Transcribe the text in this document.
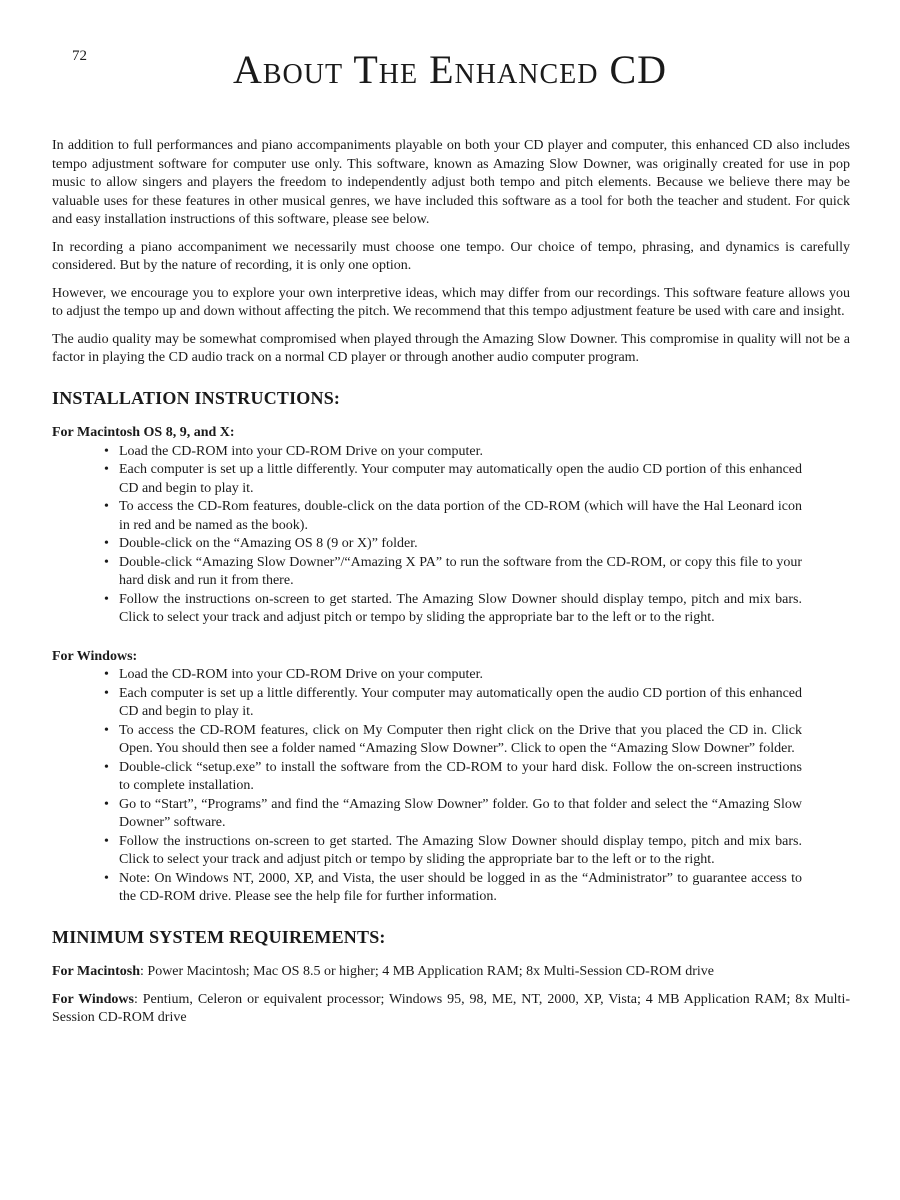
72	About The Enhanced CD

In addition to full performances and piano accompaniments playable on both your CD player and computer, this enhanced CD also includes tempo adjustment software for computer use only. This software, known as Amazing Slow Downer, was originally created for use in pop music to allow singers and players the freedom to independently adjust both tempo and pitch elements. Because we believe there may be valuable uses for these features in other musical genres, we have included this software as a tool for both the teacher and student. For quick and easy installation instructions of this software, please see below.

In recording a piano accompaniment we necessarily must choose one tempo. Our choice of tempo, phrasing, and dynamics is carefully considered. But by the nature of recording, it is only one option.

However, we encourage you to explore your own interpretive ideas, which may differ from our recordings. This software feature allows you to adjust the tempo up and down without affecting the pitch. We recommend that this tempo adjustment feature be used with care and insight.

The audio quality may be somewhat compromised when played through the Amazing Slow Downer. This compromise in quality will not be a factor in playing the CD audio track on a normal CD player or through another audio computer program.

INSTALLATION INSTRUCTIONS:
For Macintosh OS 8, 9, and X:
• Load the CD-ROM into your CD-ROM Drive on your computer.
• Each computer is set up a little differently. Your computer may automatically open the audio CD portion of this enhanced CD and begin to play it.
• To access the CD-Rom features, double-click on the data portion of the CD-ROM (which will have the Hal Leonard icon in red and be named as the book).
• Double-click on the “Amazing OS 8 (9 or X)” folder.
• Double-click “Amazing Slow Downer”/“Amazing X PA” to run the software from the CD-ROM, or copy this file to your hard disk and run it from there.
• Follow the instructions on-screen to get started. The Amazing Slow Downer should display tempo, pitch and mix bars. Click to select your track and adjust pitch or tempo by sliding the appropriate bar to the left or to the right.
For Windows:
• Load the CD-ROM into your CD-ROM Drive on your computer.
• Each computer is set up a little differently. Your computer may automatically open the audio CD portion of this enhanced CD and begin to play it.
• To access the CD-ROM features, click on My Computer then right click on the Drive that you placed the CD in. Click Open. You should then see a folder named “Amazing Slow Downer”. Click to open the “Amazing Slow Downer” folder.
• Double-click “setup.exe” to install the software from the CD-ROM to your hard disk. Follow the on-screen instructions to complete installation.
• Go to “Start”, “Programs” and find the “Amazing Slow Downer” folder. Go to that folder and select the “Amazing Slow Downer” software.
• Follow the instructions on-screen to get started. The Amazing Slow Downer should display tempo, pitch and mix bars. Click to select your track and adjust pitch or tempo by sliding the appropriate bar to the left or to the right.
• Note: On Windows NT, 2000, XP, and Vista, the user should be logged in as the “Administrator” to guarantee access to the CD-ROM drive. Please see the help file for further information.
MINIMUM SYSTEM REQUIREMENTS:

For Macintosh: Power Macintosh; Mac OS 8.5 or higher; 4 MB Application RAM; 8x Multi-Session CD-ROM drive

For Windows: Pentium, Celeron or equivalent processor; Windows 95, 98, ME, NT, 2000, XP, Vista; 4 MB Application RAM; 8x Multi-Session CD-ROM drive
